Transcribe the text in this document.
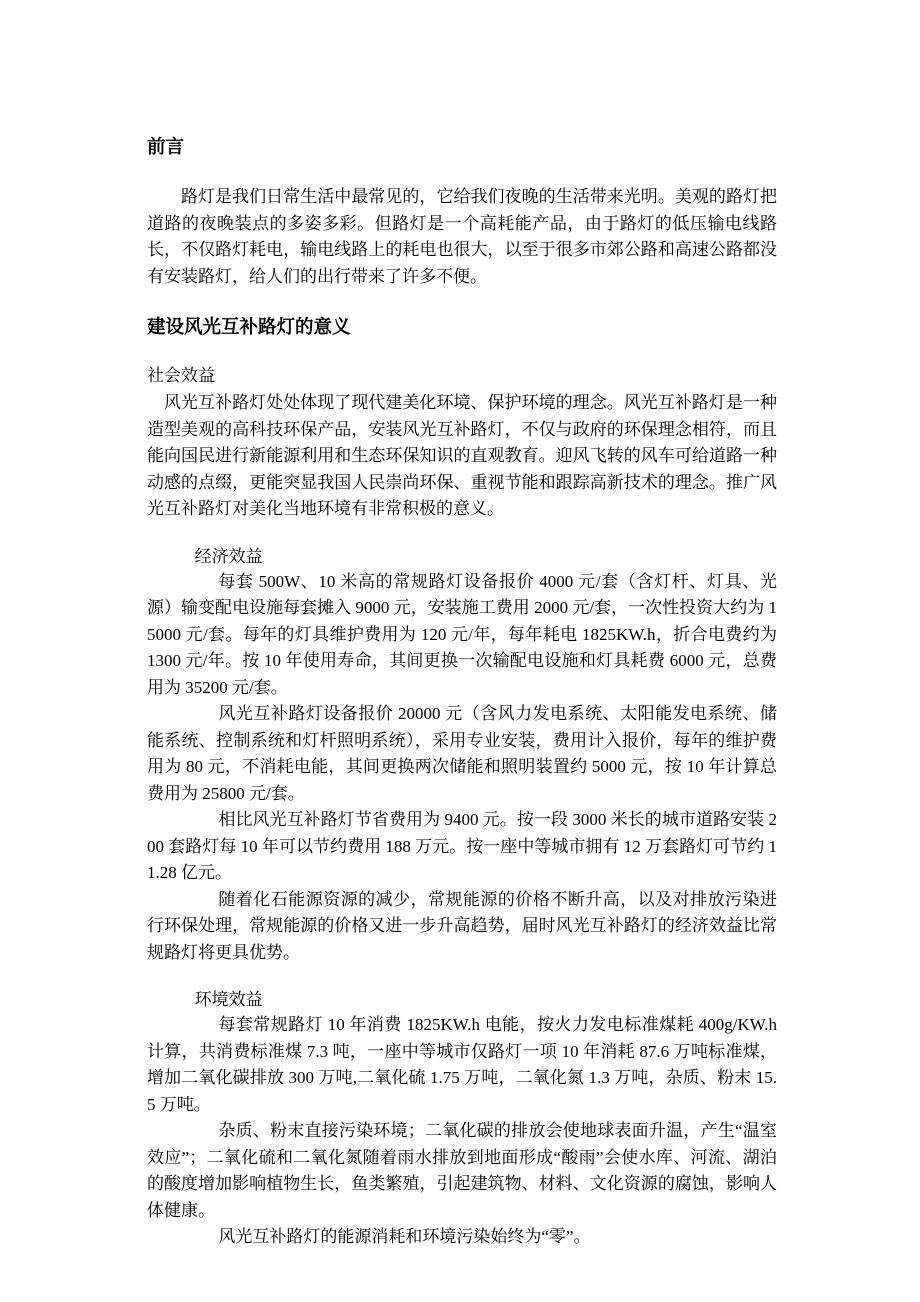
前言

路灯是我们日常生活中最常见的，它给我们夜晚的生活带来光明。美观的路灯把道路的夜晚装点的多姿多彩。但路灯是一个高耗能产品，由于路灯的低压输电线路长，不仅路灯耗电，输电线路上的耗电也很大，以至于很多市郊公路和高速公路都没有安装路灯，给人们的出行带来了许多不便。

建设风光互补路灯的意义
社会效益

风光互补路灯处处体现了现代建美化环境、保护环境的理念。风光互补路灯是一种造型美观的高科技环保产品，安装风光互补路灯，不仅与政府的环保理念相符，而且能向国民进行新能源利用和生态环保知识的直观教育。迎风飞转的风车可给道路一种动感的点缀，更能突显我国人民崇尚环保、重视节能和跟踪高新技术的理念。推广风光互补路灯对美化当地环境有非常积极的意义。

经济效益

每套 500W、10 米高的常规路灯设备报价 4000 元/套（含灯杆、灯具、光源）输变配电设施每套摊入 9000 元，安装施工费用 2000 元/套，一次性投资大约为 15000 元/套。每年的灯具维护费用为 120 元/年，每年耗电 1825KW.h，折合电费约为 1300 元/年。按 10 年使用寿命，其间更换一次输配电设施和灯具耗费 6000 元，总费用为 35200 元/套。

风光互补路灯设备报价 20000 元（含风力发电系统、太阳能发电系统、储能系统、控制系统和灯杆照明系统），采用专业安装，费用计入报价，每年的维护费用为 80 元，不消耗电能，其间更换两次储能和照明装置约 5000 元，按 10 年计算总费用为 25800 元/套。

相比风光互补路灯节省费用为 9400 元。按一段 3000 米长的城市道路安装 200 套路灯每 10 年可以节约费用 188 万元。按一座中等城市拥有 12 万套路灯可节约 11.28 亿元。

随着化石能源资源的减少，常规能源的价格不断升高，以及对排放污染进行环保处理，常规能源的价格又进一步升高趋势，届时风光互补路灯的经济效益比常规路灯将更具优势。

环境效益

每套常规路灯 10 年消费 1825KW.h 电能，按火力发电标准煤耗 400g/KW.h 计算，共消费标准煤 7.3 吨，一座中等城市仅路灯一项 10 年消耗 87.6 万吨标准煤，增加二氧化碳排放 300 万吨,二氧化硫 1.75 万吨，二氧化氮 1.3 万吨，杂质、粉末 15.5 万吨。

杂质、粉末直接污染环境；二氧化碳的排放会使地球表面升温，产生“温室效应”；二氧化硫和二氧化氮随着雨水排放到地面形成“酸雨”会使水库、河流、湖泊的酸度增加影响植物生长，鱼类繁殖，引起建筑物、材料、文化资源的腐蚀，影响人体健康。

风光互补路灯的能源消耗和环境污染始终为“零”。
